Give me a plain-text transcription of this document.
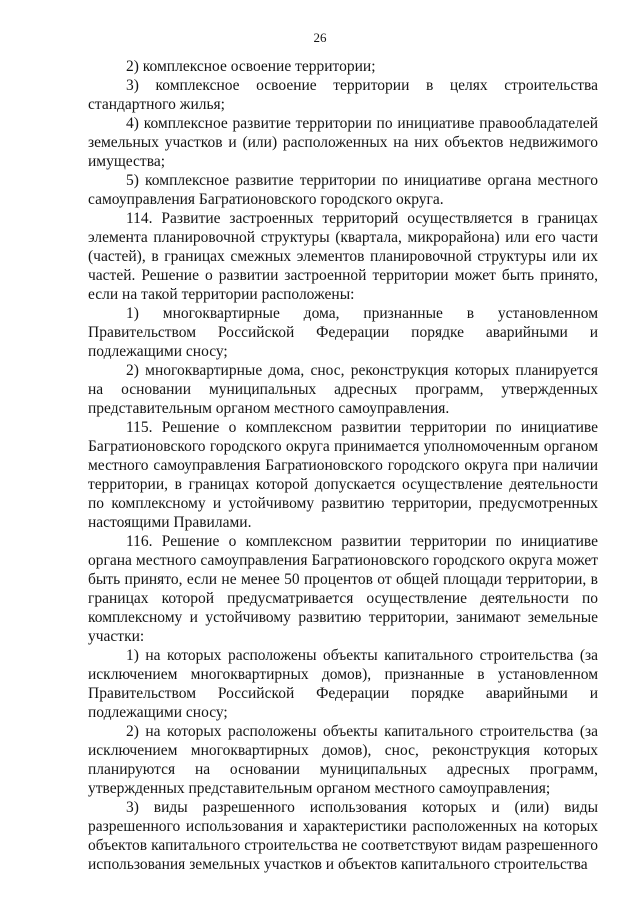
26

2) комплексное освоение территории;

3) комплексное освоение территории в целях строительства стандартного жилья;

4) комплексное развитие территории по инициативе правообладателей земельных участков и (или) расположенных на них объектов недвижимого имущества;

5) комплексное развитие территории по инициативе органа местного самоуправления Багратионовского городского округа.

114. Развитие застроенных территорий осуществляется в границах элемента планировочной структуры (квартала, микрорайона) или его части (частей), в границах смежных элементов планировочной структуры или их частей. Решение о развитии застроенной территории может быть принято, если на такой территории расположены:

1) многоквартирные дома, признанные в установленном Правительством Российской Федерации порядке аварийными и подлежащими сносу;

2) многоквартирные дома, снос, реконструкция которых планируется на основании муниципальных адресных программ, утвержденных представительным органом местного самоуправления.

115. Решение о комплексном развитии территории по инициативе Багратионовского городского округа принимается уполномоченным органом местного самоуправления Багратионовского городского округа при наличии территории, в границах которой допускается осуществление деятельности по комплексному и устойчивому развитию территории, предусмотренных настоящими Правилами.

116. Решение о комплексном развитии территории по инициативе органа местного самоуправления Багратионовского городского округа может быть принято, если не менее 50 процентов от общей площади территории, в границах которой предусматривается осуществление деятельности по комплексному и устойчивому развитию территории, занимают земельные участки:

1) на которых расположены объекты капитального строительства (за исключением многоквартирных домов), признанные в установленном Правительством Российской Федерации порядке аварийными и подлежащими сносу;

2) на которых расположены объекты капитального строительства (за исключением многоквартирных домов), снос, реконструкция которых планируются на основании муниципальных адресных программ, утвержденных представительным органом местного самоуправления;

3) виды разрешенного использования которых и (или) виды разрешенного использования и характеристики расположенных на которых объектов капитального строительства не соответствуют видам разрешенного использования земельных участков и объектов капитального строительства
